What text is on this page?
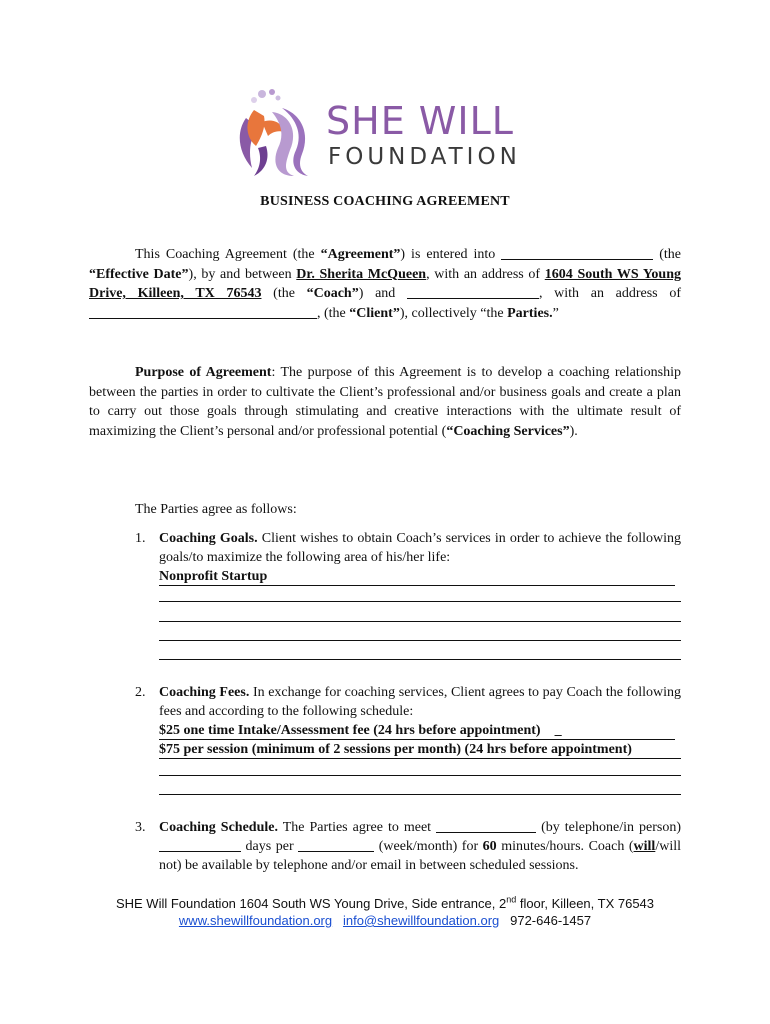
SHE WILL
FOUNDATION
BUSINESS COACHING AGREEMENT
This Coaching Agreement (the “Agreement”) is entered into	(the “Effective Date”), by and between Dr. Sherita McQueen, with an address of 1604 South WS Young Drive, Killeen, TX 76543 (the “Coach”) and	, with an address of , (the “Client”), collectively “the Parties.”
Purpose of Agreement: The purpose of this Agreement is to develop a coaching relationship between the parties in order to cultivate the Client’s professional and/or business goals and create a plan to carry out those goals through stimulating and creative interactions with the ultimate result of maximizing the Client’s personal and/or professional potential (“Coaching Services”).
The Parties agree as follows:
1. Coaching Goals. Client wishes to obtain Coach’s services in order to achieve the following goals/to maximize the following area of his/her life:
Nonprofit Startup
2. Coaching Fees. In exchange for coaching services, Client agrees to pay Coach the following fees and according to the following schedule:
$25 one time Intake/Assessment fee (24 hrs before appointment) _
$75 per session (minimum of 2 sessions per month) (24 hrs before appointment)
3. Coaching Schedule. The Parties agree to meet	(by telephone/in person)  days per	(week/month) for 60 minutes/hours. Coach (will/will not) be available by telephone and/or email in between scheduled sessions.
SHE Will Foundation 1604 South WS Young Drive, Side entrance, 2nd floor, Killeen, TX 76543
www.shewillfoundation.org info@shewillfoundation.org 972-646-1457
